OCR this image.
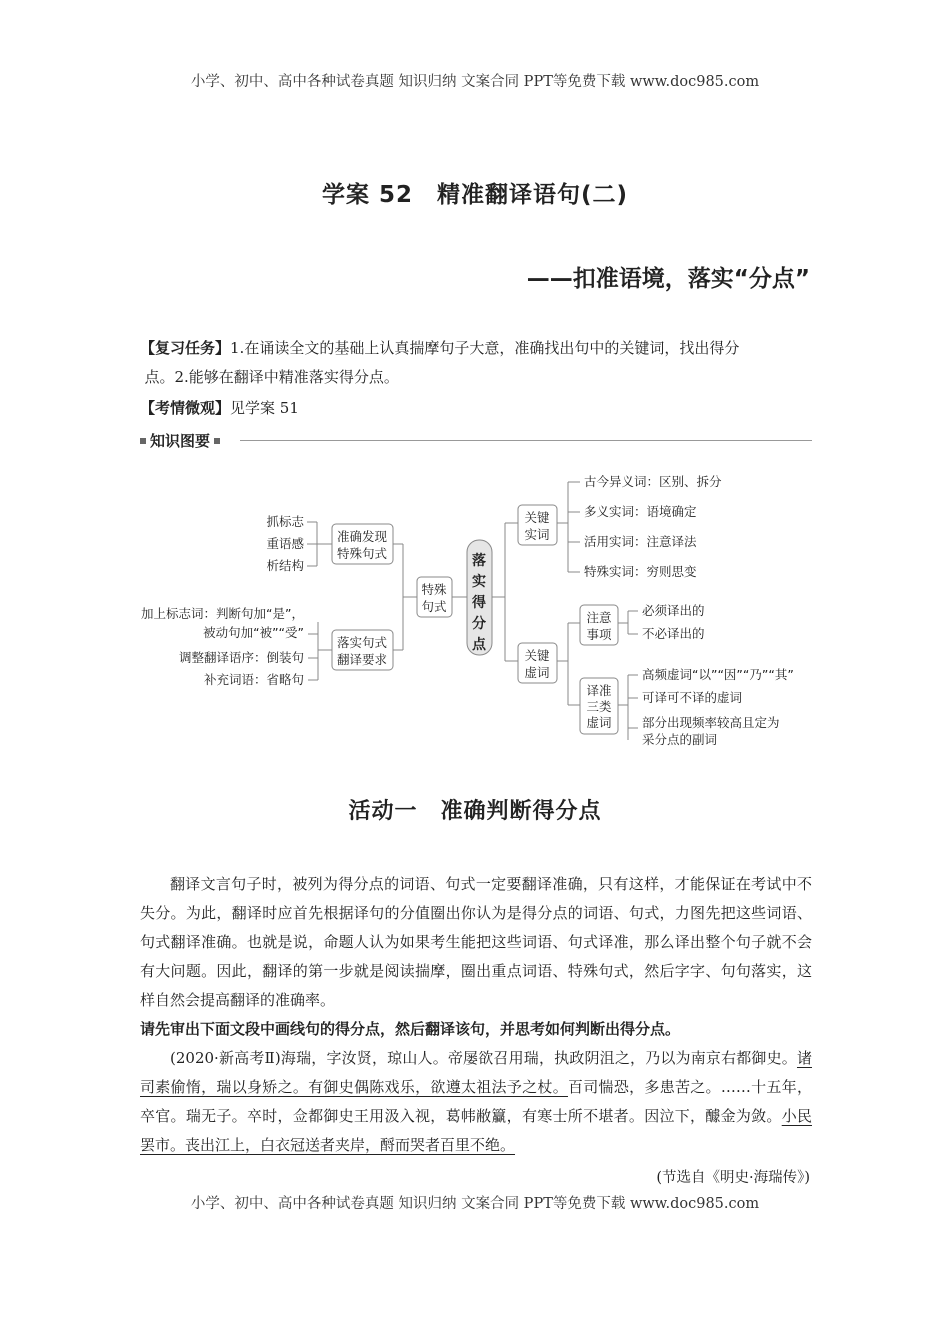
小学、初中、高中各种试卷真题 知识归纳 文案合同 PPT等免费下载 www.doc985.com
学案 52　精准翻译语句(二)
——扣准语境，落实“分点”
【复习任务】1.在诵读全文的基础上认真揣摩句子大意，准确找出句中的关键词，找出得分
点。2.能够在翻译中精准落实得分点。
【考情微观】见学案 51
知识图要
抓标志
重语感
析结构
准确发现
特殊句式
加上标志词：判断句加“是”，
被动句加“被”“受”
调整翻译语序：倒装句
补充词语：省略句
落实句式
翻译要求
特殊
句式
落
实
得
分
点
关键
实词
古今异义词：区别、拆分
多义实词：语境确定
活用实词：注意译法
特殊实词：穷则思变
关键
虚词
注意
事项
必须译出的
不必译出的
译准
三类
虚词
高频虚词“以”“因”“乃”“其”
可译可不译的虚词
部分出现频率较高且定为
采分点的副词
活动一　准确判断得分点

翻译文言句子时，被列为得分点的词语、句式一定要翻译准确，只有这样，才能保证在考试中不失分。为此，翻译时应首先根据译句的分值圈出你认为是得分点的词语、句式，力图先把这些词语、句式翻译准确。也就是说，命题人认为如果考生能把这些词语、句式译准，那么译出整个句子就不会有大问题。因此，翻译的第一步就是阅读揣摩，圈出重点词语、特殊句式，然后字字、句句落实，这样自然会提高翻译的准确率。

请先审出下面文段中画线句的得分点，然后翻译该句，并思考如何判断出得分点。

(2020·新高考Ⅱ)海瑞，字汝贤，琼山人。帝屡欲召用瑞，执政阴沮之，乃以为南京右都御史。诸司素偷惰，瑞以身矫之。有御史偶陈戏乐，欲遵太祖法予之杖。百司惴恐，多患苦之。……十五年，卒官。瑞无子。卒时，佥都御史王用汲入视，葛帏敝籯，有寒士所不堪者。因泣下，醵金为敛。小民罢市。丧出江上，白衣冠送者夹岸，酹而哭者百里不绝。

(节选自《明史·海瑞传》)
小学、初中、高中各种试卷真题 知识归纳 文案合同 PPT等免费下载 www.doc985.com
